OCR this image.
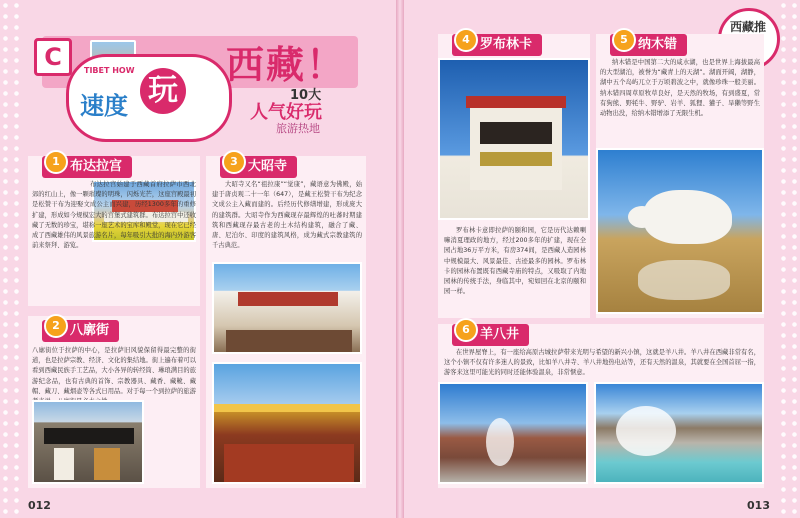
C	TIBET HOW
速度 玩
西藏！
10大
人气好玩
旅游热地
1 布达拉宫
布达拉宫始建于西藏首府拉萨市西北郊的红山上，像一颗璀璨的明珠，闪烁光芒，这座宫殿最初是松赞干布为迎娶文成公主而兴建，历经1300多年的重修扩建，形成如今规模宏大的宫堡式建筑群。布达拉宫中还收藏了无数的珍宝，堪称一座艺术的宝库和殿堂，现在它已经成了西藏雄伟的风景旅游名片，每年吸引大批的海内外游客前来祭拜、游览。
2 八廓街
八廓街位于拉萨的中心，是拉萨旧风貌保留得最完整的街道，也是拉萨宗教、经济、文化的集结地。街上遍布着可以看到西藏民族手工艺品，大小各异的转经筒、琳琅满目的旅游纪念品，也有古典的首饰、宗教器具、藏香、藏靴、藏帽、藏刀、藏烟壶等各式日用品。对于每一个到拉萨的旅游
3 大昭寺
大昭寺又名“祖拉康”“觉康”，藏语意为佛殿，始建于唐贞观二十一年（647），是藏王松赞干布为纪念文成公主入藏而建的。后经历代修缮增建，形成庞大的建筑群。大昭寺作为西藏现存最辉煌的吐蕃时期建筑和西藏现存最古老的土木结构建筑，融合了藏、唐、尼泊尔、印度的建筑风格，成为藏式宗教建筑的千古典范。
012
西藏推
4 罗布林卡
罗布林卡意即拉萨的颐和园，它是历代达赖喇嘛消夏理政的地方，经过200多年的扩建，现在全园占地36万平方米，有房374间，是西藏人造园林中规模最大、风景最佳、古迹最多的园林。罗布林卡的园林布置既有西藏寺庙的特点，又吸取了内地园林的传统手法，身临其中，宛如回在北京的颐和园一样。
5 纳木错
纳木错是中国第二大的咸水湖，也是世界上海拔最高的大型湖泊，被誉为“藏青上的天湖”。湖面开阔，湖静，湖中五个岛屿兀立于万顷碧波之中，就像珍珠一般美丽。纳木错四周草原牧草良好，是天然的牧场，有到盛夏，常有狗熊、野牦牛、野驴、岩羊、狐狸、獾子、旱獭等野生动物出没，给纳木错增添了无限生机。
6 羊八井
在世界屋脊上，有一座给高原古城拉萨带来光明与希望的新兴小镇，这就是羊八井。羊八井在西藏非常有名，这个小镇不仅有许多迷人的景致，比如羊八井寺、羊八井地热电站等，还有天然的温泉，其就要在全国首屈一指，游客来这里可能光的同时还能体验温泉，非常惬意。
013
